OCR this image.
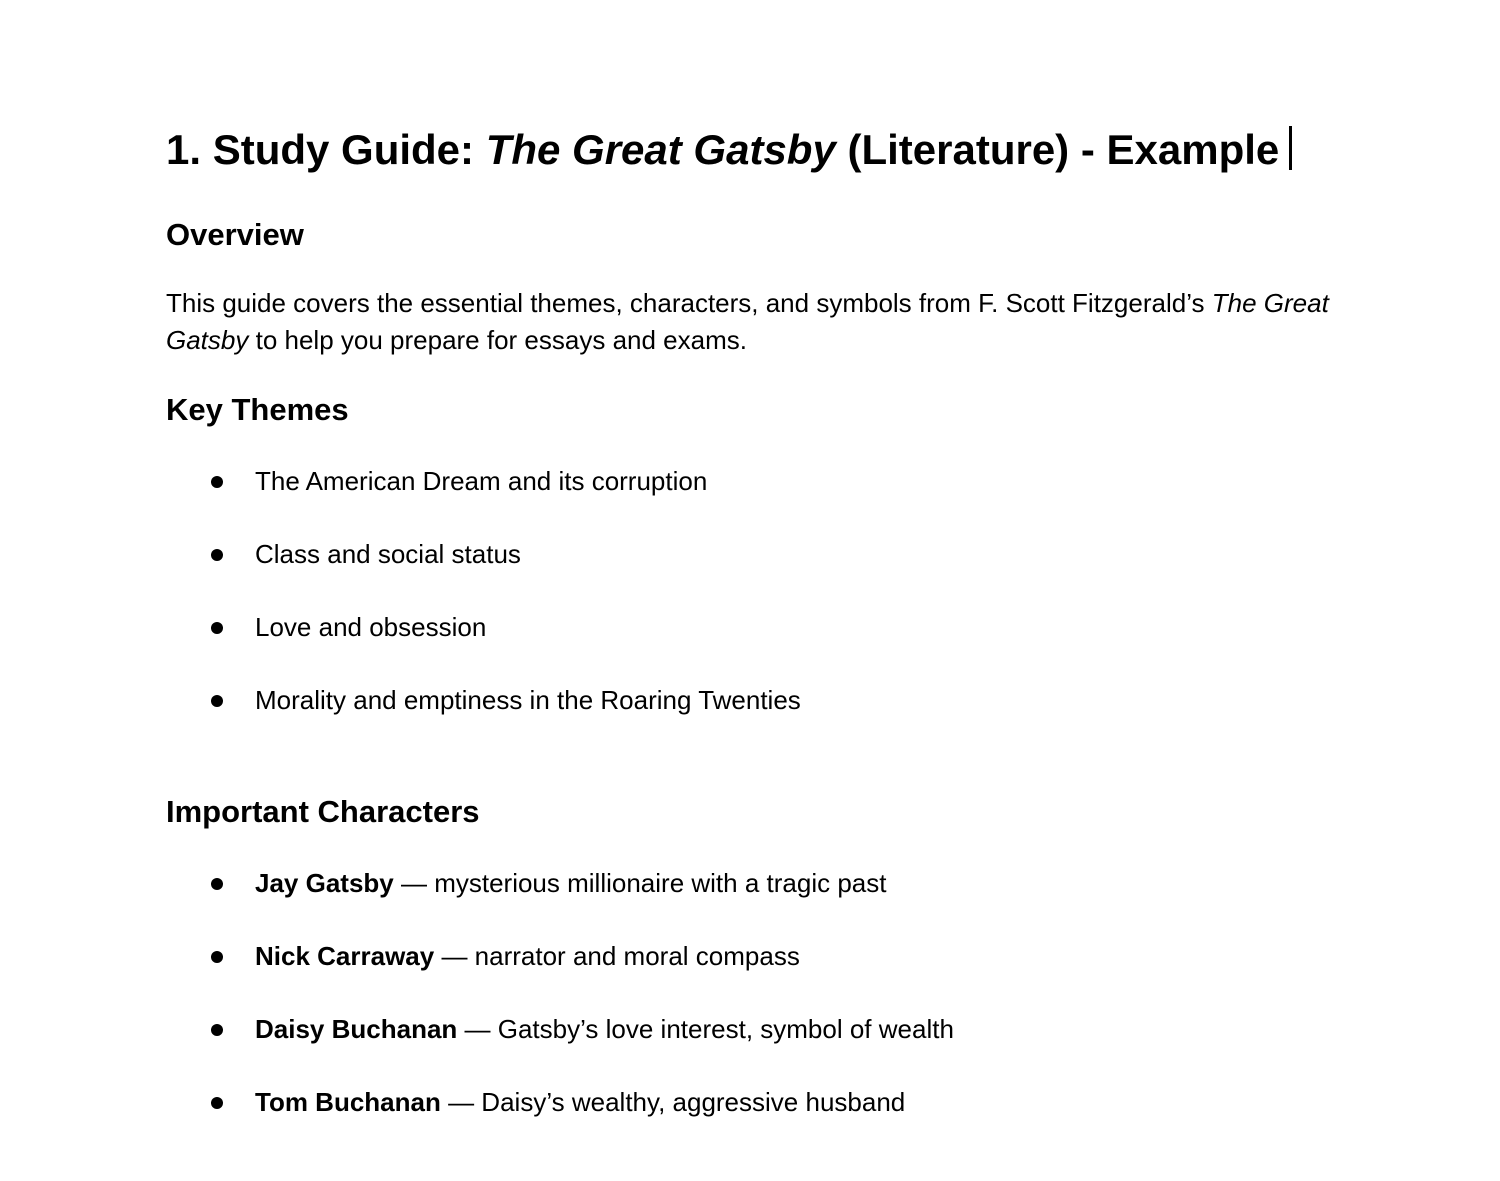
1. Study Guide: The Great Gatsby (Literature) - Example
Overview

This guide covers the essential themes, characters, and symbols from F. Scott Fitzgerald’s The Great Gatsby to help you prepare for essays and exams.

Key Themes
The American Dream and its corruption
Class and social status
Love and obsession
Morality and emptiness in the Roaring Twenties
Important Characters
Jay Gatsby — mysterious millionaire with a tragic past
Nick Carraway — narrator and moral compass
Daisy Buchanan — Gatsby’s love interest, symbol of wealth
Tom Buchanan — Daisy’s wealthy, aggressive husband
